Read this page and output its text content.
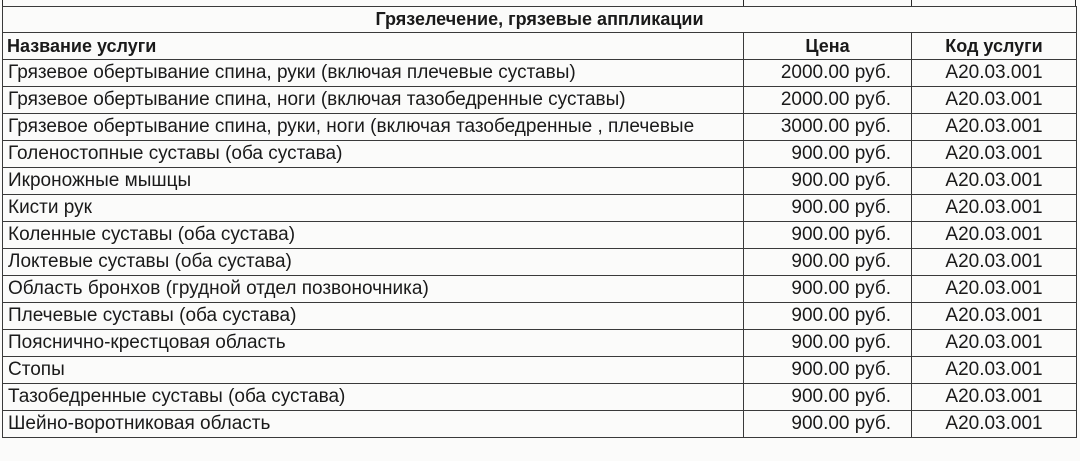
Грязелечение, грязевые аппликации		
Название услуги	Цена	Код услуги
Грязевое обертывание спина, руки (включая плечевые суставы)	2000.00 руб.	A20.03.001
Грязевое обертывание спина, ноги (включая тазобедренные суставы)	2000.00 руб.	A20.03.001
Грязевое обертывание спина, руки, ноги (включая тазобедренные , плечевые	3000.00 руб.	A20.03.001
Голеностопные суставы (оба сустава)	900.00 руб.	A20.03.001
Икроножные мышцы	900.00 руб.	A20.03.001
Кисти рук	900.00 руб.	A20.03.001
Коленные суставы (оба сустава)	900.00 руб.	A20.03.001
Локтевые суставы (оба сустава)	900.00 руб.	A20.03.001
Область бронхов (грудной отдел позвоночника)	900.00 руб.	A20.03.001
Плечевые суставы (оба сустава)	900.00 руб.	A20.03.001
Пояснично-крестцовая область	900.00 руб.	A20.03.001
Стопы	900.00 руб.	A20.03.001
Тазобедренные суставы (оба сустава)	900.00 руб.	A20.03.001
Шейно-воротниковая область	900.00 руб.	A20.03.001
